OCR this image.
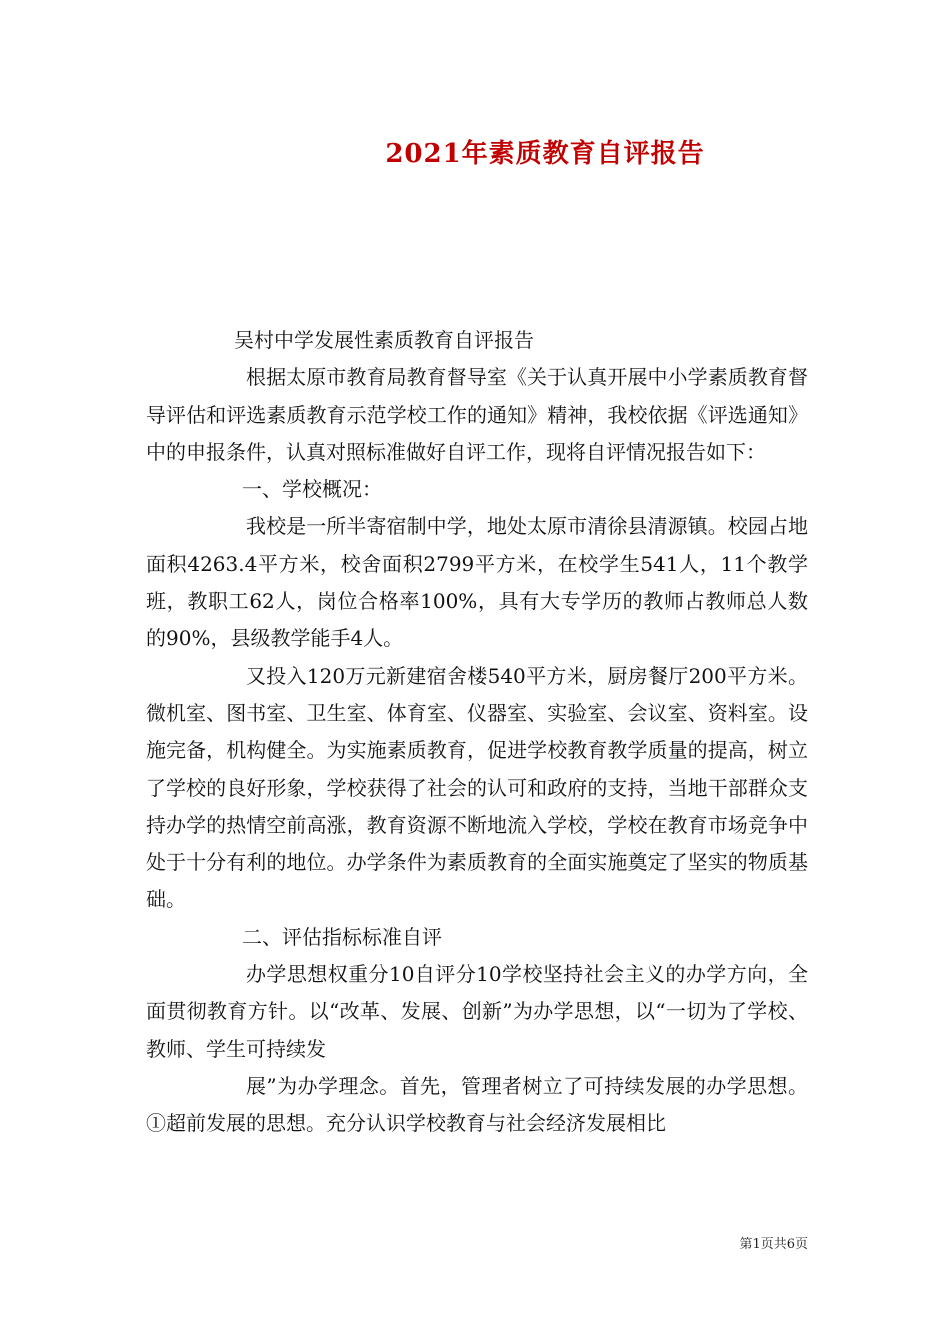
2021年素质教育自评报告

吴村中学发展性素质教育自评报告

根据太原市教育局教育督导室《关于认真开展中小学素质教育督导评估和评选素质教育示范学校工作的通知》精神，我校依据《评选通知》中的申报条件，认真对照标准做好自评工作，现将自评情况报告如下：

一、学校概况：

我校是一所半寄宿制中学，地处太原市清徐县清源镇。校园占地面积4263.4平方米，校舍面积2799平方米，在校学生541人，11个教学班，教职工62人，岗位合格率100%，具有大专学历的教师占教师总人数的90%，县级教学能手4人。

又投入120万元新建宿舍楼540平方米，厨房餐厅200平方米。微机室、图书室、卫生室、体育室、仪器室、实验室、会议室、资料室。设施完备，机构健全。为实施素质教育，促进学校教育教学质量的提高，树立了学校的良好形象，学校获得了社会的认可和政府的支持，当地干部群众支持办学的热情空前高涨，教育资源不断地流入学校，学校在教育市场竞争中处于十分有利的地位。办学条件为素质教育的全面实施奠定了坚实的物质基础。

二、评估指标标准自评

办学思想权重分10自评分10学校坚持社会主义的办学方向，全面贯彻教育方针。以“改革、发展、创新”为办学思想，以“一切为了学校、教师、学生可持续发

展”为办学理念。首先，管理者树立了可持续发展的办学思想。①超前发展的思想。充分认识学校教育与社会经济发展相比

第1页共6页
